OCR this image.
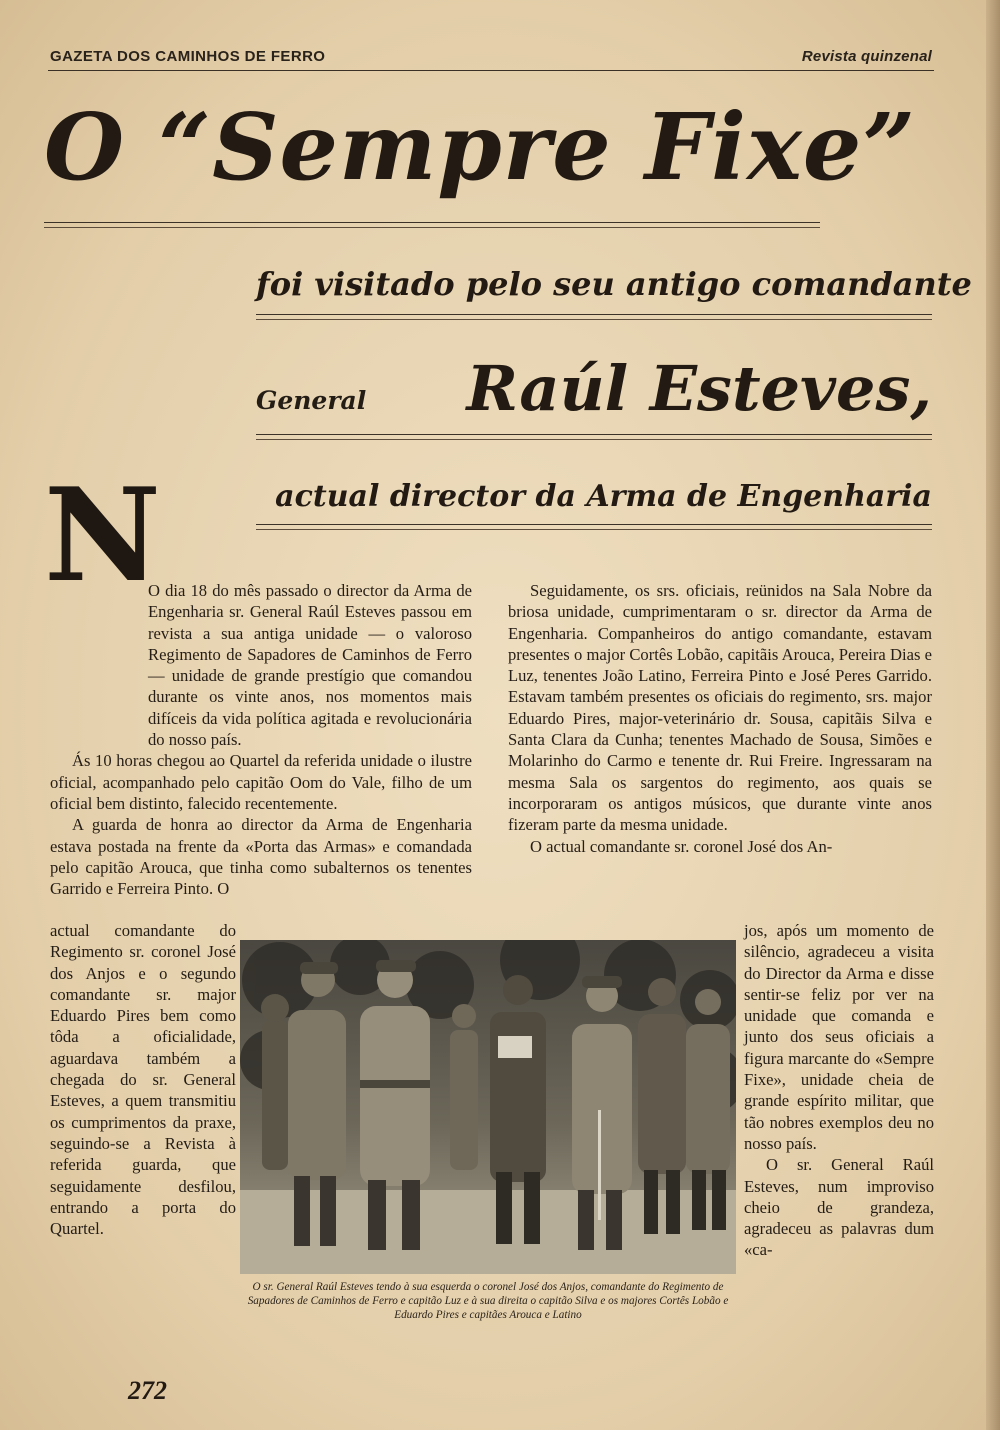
GAZETA DOS CAMINHOS DE FERRO	Revista quinzenal
O “Sempre Fixe”
foi visitado pelo seu antigo comandante
General	Raúl Esteves,
actual director da Arma de Engenharia
N

O dia 18 do mês passado o director da Arma de Engenharia sr. General Raúl Esteves passou em revista a sua antiga unidade — o valoroso Regimento de Sapadores de Caminhos de Ferro — unidade de grande prestígio que comandou durante os vinte anos, nos momentos mais difíceis da vida política agitada e revolucionária do nosso país.

Ás 10 horas chegou ao Quartel da referida unidade o ilustre oficial, acompanhado pelo capitão Oom do Vale, filho de um oficial bem distinto, falecido recentemente.

A guarda de honra ao director da Arma de Engenharia estava postada na frente da «Porta das Armas» e comandada pelo capitão Arouca, que tinha como subalternos os tenentes Garrido e Ferreira Pinto. O

actual comandante do Regimento sr. coronel José dos Anjos e o segundo comandante sr. major Eduardo Pires bem como tôda a oficialidade, aguardava também a chegada do sr. General Esteves, a quem transmitiu os cumprimentos da praxe, seguindo-se a Revista à referida guarda, que seguidamente desfilou, entrando a porta do Quartel.

Seguidamente, os srs. oficiais, reünidos na Sala Nobre da briosa unidade, cumprimentaram o sr. director da Arma de Engenharia. Companheiros do antigo comandante, estavam presentes o major Cortês Lobão, capitãis Arouca, Pereira Dias e Luz, tenentes João Latino, Ferreira Pinto e José Peres Garrido. Estavam também presentes os oficiais do regimento, srs. major Eduardo Pires, major-veterinário dr. Sousa, capitãis Silva e Santa Clara da Cunha; tenentes Machado de Sousa, Simões e Molarinho do Carmo e tenente dr. Rui Freire. Ingressaram na mesma Sala os sargentos do regimento, aos quais se incorporaram os antigos músicos, que durante vinte anos fizeram parte da mesma unidade.

O actual comandante sr. coronel José dos An-

jos, após um momento de silêncio, agradeceu a visita do Director da Arma e disse sentir-se feliz por ver na unidade que comanda e junto dos seus oficiais a figura marcante do «Sempre Fixe», unidade cheia de grande espírito militar, que tão nobres exemplos deu no nosso país.

O sr. General Raúl Esteves, num improviso cheio de grandeza, agradeceu as palavras dum «ca-

O sr. General Raúl Esteves tendo à sua esquerda o coronel José dos Anjos, comandante do Regimento de Sapadores de Caminhos de Ferro e capitão Luz e à sua direita o capitão Silva e os majores Cortês Lobão e Eduardo Pires e capitães Arouca e Latino
272
